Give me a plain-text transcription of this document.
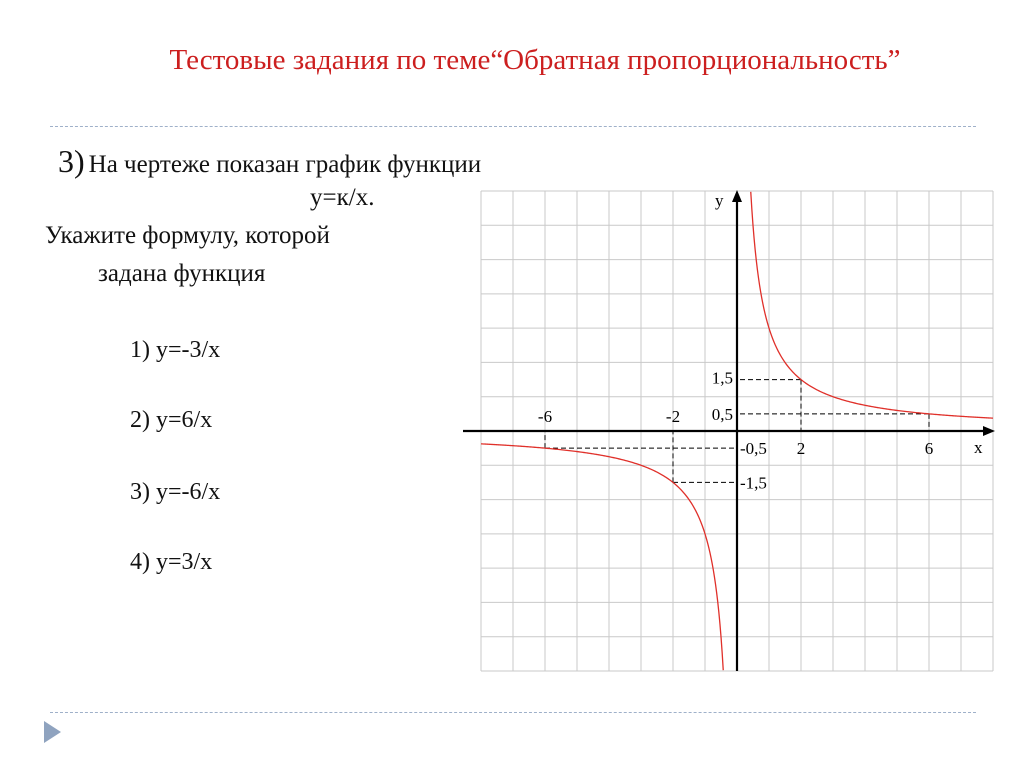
Тестовые задания по теме“Обратная пропорциональность”
3) На чертеже показан график функции
у=к/х.
Укажите формулу, которой
задана функция
1) у=-3/х
2) у=6/х
3) у=-6/х
4) у=3/х
x
у
-6	-2
2	6
1,5
0,5
-0,5
-1,5
